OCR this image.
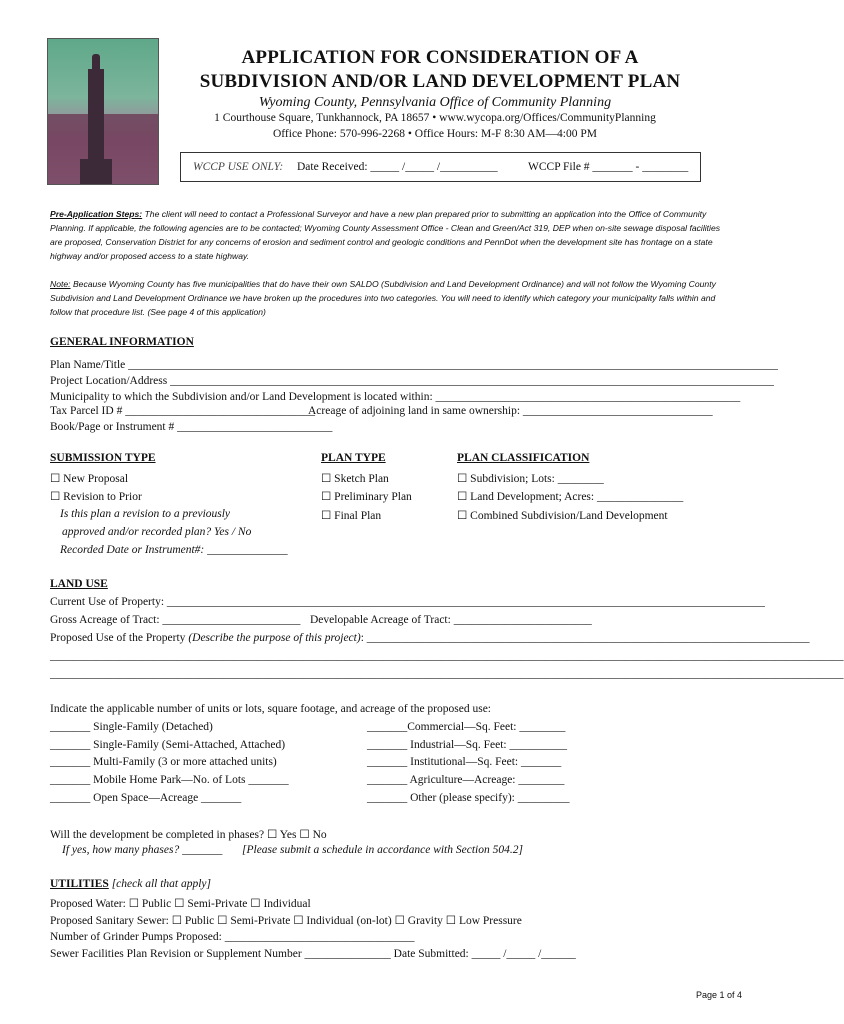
APPLICATION FOR CONSIDERATION OF A
SUBDIVISION AND/OR LAND DEVELOPMENT PLAN
Wyoming County, Pennsylvania Office of Community Planning
1 Courthouse Square, Tunkhannock, PA 18657 • www.wycopa.org/Offices/CommunityPlanning
Office Phone: 570-996-2268 • Office Hours: M-F 8:30 AM—4:00 PM
WCCP USE ONLY: Date Received: _____ /_____ /__________	WCCP File # _______ - ________
Pre-Application Steps: The client will need to contact a Professional Surveyor and have a new plan prepared prior to submitting an application into the Office of Community Planning. If applicable, the following agencies are to be contacted; Wyoming County Assessment Office - Clean and Green/Act 319, DEP when on-site sewage disposal facilities are proposed, Conservation District for any concerns of erosion and sediment control and geologic conditions and PennDot when the development site has frontage on a state highway and/or proposed access to a state highway.
Note: Because Wyoming County has five municipalities that do have their own SALDO (Subdivision and Land Development Ordinance) and will not follow the Wyoming County Subdivision and Land Development Ordinance we have broken up the procedures into two categories. You will need to identify which category your municipality falls within and follow that procedure list. (See page 4 of this application)
GENERAL INFORMATION
Plan Name/Title _________________________________________________________________________________________________________________
Project Location/Address _________________________________________________________________________________________________________
Municipality to which the Subdivision and/or Land Development is located within: _____________________________________________________
Tax Parcel ID # _________________________________
Acreage of adjoining land in same ownership: _________________________________
Book/Page or Instrument # ___________________________
SUBMISSION TYPE
☐ New Proposal
☐ Revision to Prior
Is this plan a revision to a previously
approved and/or recorded plan? Yes / No
Recorded Date or Instrument#: ______________
PLAN TYPE
☐ Sketch Plan
☐ Preliminary Plan
☐ Final Plan
PLAN CLASSIFICATION
☐ Subdivision; Lots: ________
☐ Land Development; Acres: _______________
☐ Combined Subdivision/Land Development
LAND USE
Current Use of Property: ________________________________________________________________________________________________________
Gross Acreage of Tract: ________________________ Developable Acreage of Tract: ________________________
Proposed Use of the Property (Describe the purpose of this project): _____________________________________________________________________________
__________________________________________________________________________________________________________________________________________
__________________________________________________________________________________________________________________________________________
Indicate the applicable number of units or lots, square footage, and acreage of the proposed use:
_______ Single-Family (Detached)
_______ Single-Family (Semi-Attached, Attached)
_______ Multi-Family (3 or more attached units)
_______ Mobile Home Park—No. of Lots _______
_______ Open Space—Acreage _______
_______Commercial—Sq. Feet: ________
_______ Industrial—Sq. Feet: __________
_______ Institutional—Sq. Feet: _______
_______ Agriculture—Acreage: ________
_______ Other (please specify): _________
Will the development be completed in phases? ☐ Yes ☐ No
If yes, how many phases? _______ [Please submit a schedule in accordance with Section 504.2]
UTILITIES [check all that apply]
Proposed Water: ☐ Public ☐ Semi-Private ☐ Individual
Proposed Sanitary Sewer: ☐ Public ☐ Semi-Private ☐ Individual (on-lot) ☐ Gravity ☐ Low Pressure
Number of Grinder Pumps Proposed: _________________________________
Sewer Facilities Plan Revision or Supplement Number _______________ Date Submitted: _____ /_____ /______
Page 1 of 4
